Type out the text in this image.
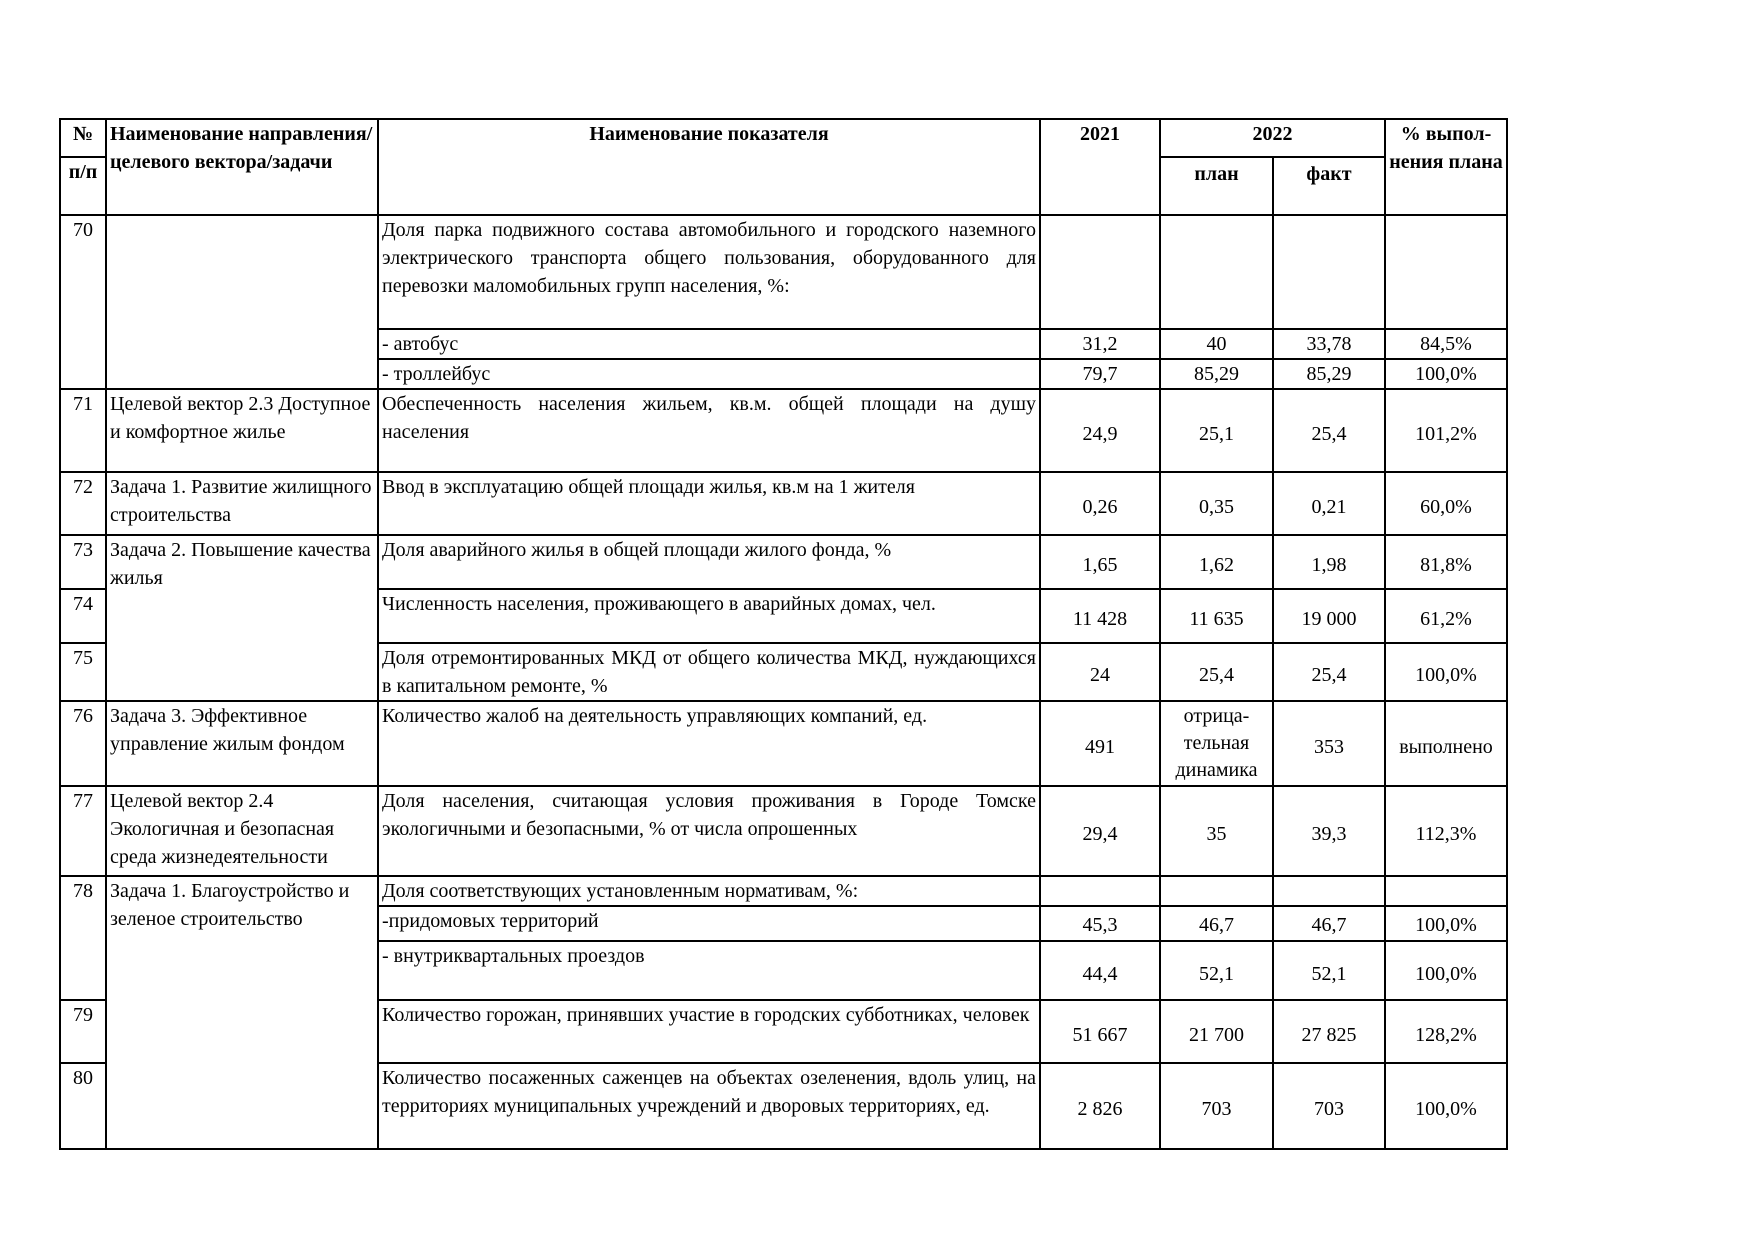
№	Наименование направления/целевого вектора/задачи	Наименование показателя	2021	2022		% выпол-нения плана
п/п				план	факт	
70		Доля парка подвижного состава автомобильного и городского наземного электрического транспорта общего пользования, оборудованного для перевозки маломобильных групп населения, %:				
		- автобус	31,2	40	33,78	84,5%
		- троллейбус	79,7	85,29	85,29	100,0%
71	Целевой вектор 2.3 Доступное и комфортное жилье	Обеспеченность населения жильем, кв.м. общей площади на душу населения	24,9	25,1	25,4	101,2%
72	Задача 1. Развитие жилищного строительства	Ввод в эксплуатацию общей площади жилья, кв.м на 1 жителя	0,26	0,35	0,21	60,0%
73	Задача 2. Повышение качества жилья	Доля аварийного жилья в общей площади жилого фонда, %	1,65	1,62	1,98	81,8%
74		Численность населения, проживающего в аварийных домах, чел.	11 428	11 635	19 000	61,2%
75		Доля отремонтированных МКД от общего количества МКД, нуждающихся в капитальном ремонте, %	24	25,4	25,4	100,0%
76	Задача 3. Эффективное управление жилым фондом	Количество жалоб на деятельность управляющих компаний, ед.	491	отрица-тельная динамика	353	выполнено
77	Целевой вектор 2.4 Экологичная и безопасная среда жизнедеятельности	Доля населения, считающая условия проживания в Городе Томске экологичными и безопасными, % от числа опрошенных	29,4	35	39,3	112,3%
78	Задача 1. Благоустройство и зеленое строительство	Доля соответствующих установленным нормативам, %:				
		-придомовых территорий	45,3	46,7	46,7	100,0%
		- внутриквартальных проездов	44,4	52,1	52,1	100,0%
79		Количество горожан, принявших участие в городских субботниках, человек	51 667	21 700	27 825	128,2%
80		Количество посаженных саженцев на объектах озеленения, вдоль улиц, на территориях муниципальных учреждений и дворовых территориях, ед.	2 826	703	703	100,0%
